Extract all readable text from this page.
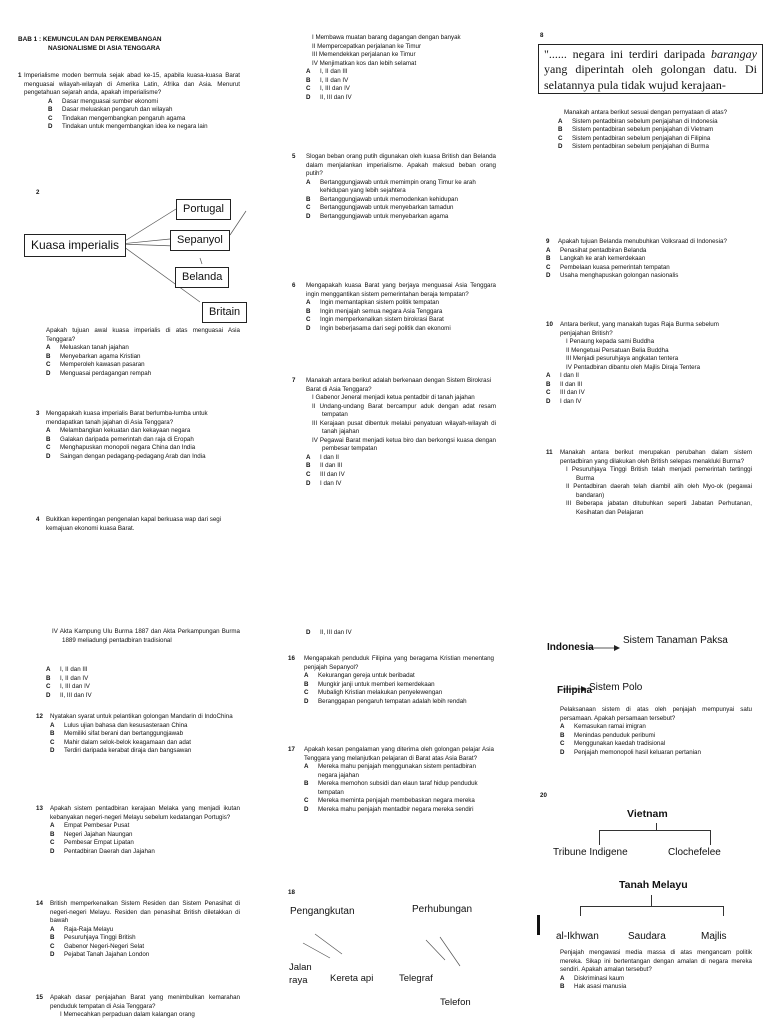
BAB 1 : KEMUNCULAN DAN PERKEMBANGAN
NASIONALISME DI ASIA TENGGARA
1 Imperialisme moden bermula sejak abad ke-15, apabila kuasa-kuasa Barat menguasai wilayah-wilayah di Amerika Latin, Afrika dan Asia. Menurut pengetahuan sejarah anda, apakah imperialisme?
A	Dasar menguasai sumber ekonomi
B	Dasar meluaskan pengaruh dan wilayah
C	Tindakan mengembangkan pengaruh agama
D	Tindakan untuk mengembangkan idea ke negara lain
2
Kuasa imperialis
Portugal
Sepanyol
Belanda
Britain
Apakah tujuan awal kuasa imperialis di atas menguasai Asia Tenggara?
A	Meluaskan tanah jajahan
B	Menyebarkan agama Kristian
C	Memperoleh kawasan pasaran
D	Menguasai perdagangan rempah
3	Mengapakah kuasa imperialis Barat berlumba-lumba untuk mendapatkan tanah jajahan di Asia Tenggara?
A	Melambangkan kekuatan dan kekayaan negara
B	Galakan daripada pemerintah dan raja di Eropah
C	Menghapuskan monopoli negara China dan India
D	Saingan dengan pedagang-pedagang Arab dan India
4	Bukitkan kepentingan pengenalan kapal berkuasa wap dari segi kemajuan ekonomi kuasa Barat.
I Membawa muatan barang dagangan dengan banyak
II Mempercepatkan perjalanan ke Timur
III Memendekkan perjalanan ke Timur
IV Menjimatkan kos dan lebih selamat
A	I, II dan III
B	I, II dan IV
C	I, III dan IV
D	II, III dan IV
5	Slogan beban orang putih digunakan oleh kuasa British dan Belanda dalam menjalankan imperialisme. Apakah maksud beban orang putih?
A	Bertanggungjawab untuk memimpin orang Timur ke arah kehidupan yang lebih sejahtera
B	Bertanggungjawab untuk memodenkan kehidupan
C	Bertanggungjawab untuk menyebarkan tamadun
D	Bertanggungjawab untuk menyebarkan agama
6	Mengapakah kuasa Barat yang berjaya menguasai Asia Tenggara ingin menggantikan sistem pemerintahan beraja tempatan?
A	Ingin memantapkan sistem politik tempatan
B	Ingin menjajah semua negara Asia Tenggara
C	Ingin memperkenalkan sistem birokrasi Barat
D	Ingin beberjasama dari segi politik dan ekonomi
7	Manakah antara berikut adalah berkenaan dengan Sistem Birokrasi Barat di Asia Tenggara?
I Gabenor Jeneral menjadi ketua pentadbir di tanah jajahan
II Undang-undang Barat bercampur aduk dengan adat resam tempatan
III Kerajaan pusat dibentuk melalui penyatuan wilayah-wilayah di tanah jajahan
IV Pegawai Barat menjadi ketua biro dan berkongsi kuasa dengan pembesar tempatan
A	I dan II
B	II dan III
C	III dan IV
D	I dan IV
8
"...... negara ini terdiri daripada barangay yang diperintah oleh golongan datu. Di selatannya pula tidak wujud kerajaan-
Manakah antara berikut sesuai dengan pernyataan di atas?
A	Sistem pentadbiran sebelum penjajahan di Indonesia
B	Sistem pentadbiran sebelum penjajahan di Vietnam
C	Sistem pentadbiran sebelum penjajahan di Filipina
D	Sistem pentadbiran sebelum penjajahan di Burma
9	Apakah tujuan Belanda menubuhkan Volksraad di Indonesia?
A	Penasihat pentadbiran Belanda
B	Langkah ke arah kemerdekaan
C	Pembelaan kuasa pemerintah tempatan
D	Usaha menghapuskan golongan nasionalis
10	Antara berikut, yang manakah tugas Raja Burma sebelum penjajahan British?
I Penaung kepada sami Buddha
II Mengetuai Persatuan Belia Buddha
III Menjadi pesuruhjaya angkatan tentera
IV Pentadbiran dibantu oleh Majlis Diraja Tentera
A	I dan II
B	II dan III
C	III dan IV
D	I dan IV
11	Manakah antara berikut merupakan perubahan dalam sistem pentadbiran yang dilakukan oleh British selepas menakluki Burma?
I Pesuruhjaya Tinggi British telah menjadi pemerintah tertinggi Burma
II Pentadbiran daerah telah diambil alih oleh Myo-ok (pegawai bandaran)
III Beberapa jabatan ditubuhkan seperti Jabatan Perhutanan, Kesihatan dan Pelajaran
IV Akta Kampung Ulu Burma 1887 dan Akta Perkampungan Burma 1889 meliadungi pentadbiran tradisional
A	I, II dan III
B	I, II dan IV
C	I, III dan IV
D	II, III dan IV
12	Nyatakan syarat untuk pelantikan golongan Mandarin di IndoChina
A	Lulus ujian bahasa dan kesusasteraan China
B	Memiliki sifat berani dan bertanggungjawab
C	Mahir dalam selok-belok keagamaan dan adat
D	Terdiri daripada kerabat diraja dan bangsawan
13	Apakah sistem pentadbiran kerajaan Melaka yang menjadi ikutan kebanyakan negeri-negeri Melayu sebelum kedatangan Portugis?
A	Empat Pembesar Pusat
B	Negeri Jajahan Naungan
C	Pembesar Empat Lipatan
D	Pentadbiran Daerah dan Jajahan
14	British memperkenalkan Sistem Residen dan Sistem Penasihat di negeri-negeri Melayu. Residen dan penasihat British diletakkan di bawah
A	Raja-Raja Melayu
B	Pesuruhjaya Tinggi British
C	Gabenor Negeri-Negeri Selat
D	Pejabat Tanah Jajahan London
15	Apakah dasar penjajahan Barat yang menimbulkan kemarahan penduduk tempatan di Asia Tenggara?
I Memecahkan perpaduan dalam kalangan orang
D	II, III dan IV
16	Mengapakah penduduk Filipina yang beragama Kristian menentang penjajah Sepanyol?
A	Kekurangan gereja untuk beribadat
B	Mungkir janji untuk memberi kemerdekaan
C	Mubaligh Kristian melakukan penyelewengan
D	Beranggapan pengaruh tempatan adalah lebih rendah
17	Apakah kesan pengalaman yang diterima oleh golongan pelajar Asia Tenggara yang melanjutkan pelajaran di Barat atas Asia Barat?
A	Mereka mahu penjajah menggunakan sistem pentadbiran negara jajahan
B	Mereka memohon subsidi dan elaun taraf hidup penduduk tempatan
C	Mereka meminta penjajah membebaskan negara mereka
D	Mereka mahu penjajah mentadbir negara mereka sendiri
18
Pengangkutan	Perhubungan
Jalan raya	Kereta api	Telegraf
Telefon
Indonesia
Sistem Tanaman Paksa
Filipina
Sistem Polo
Pelaksanaan sistem di atas oleh penjajah mempunyai satu persamaan. Apakah persamaan tersebut?
A	Kemasukan ramai imigran
B	Menindas penduduk peribumi
C	Menggunakan kaedah tradisional
D	Penjajah memonopoli hasil keluaran pertanian
20
Vietnam
Tribune Indigene	Clochefelee
Tanah Melayu
al-Ikhwan	Saudara	Majlis
Penjajah mengawasi media massa di atas mengancam politik mereka. Sikap ini bertentangan dengan amalan di negara mereka sendiri. Apakah amalan tersebut?
A	Diskriminasi kaum
B	Hak asasi manusia
